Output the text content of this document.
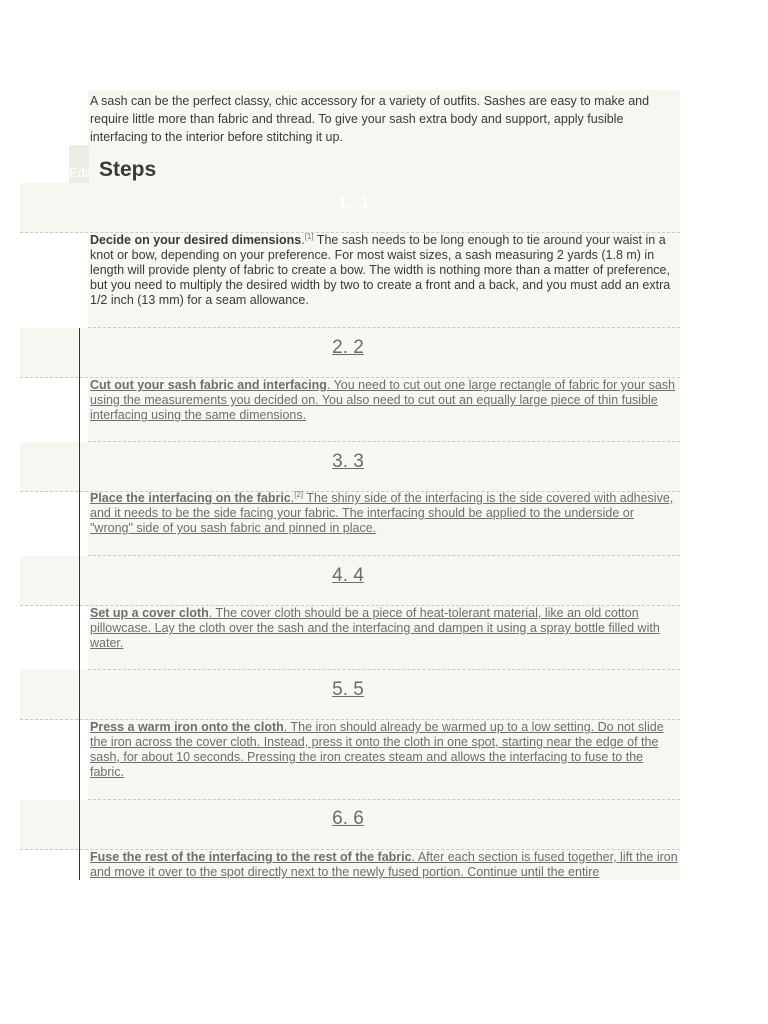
Edit

A sash can be the perfect classy, chic accessory for a variety of outfits. Sashes are easy to make and require little more than fabric and thread. To give your sash extra body and support, apply fusible interfacing to the interior before stitching it up.

Steps
1. 1
Decide on your desired dimensions.[1] The sash needs to be long enough to tie around your waist in a knot or bow, depending on your preference. For most waist sizes, a sash measuring 2 yards (1.8 m) in length will provide plenty of fabric to create a bow. The width is nothing more than a matter of preference, but you need to multiply the desired width by two to create a front and a back, and you must add an extra 1/2 inch (13 mm) for a seam allowance.
2. 2
Cut out your sash fabric and interfacing. You need to cut out one large rectangle of fabric for your sash using the measurements you decided on. You also need to cut out an equally large piece of thin fusible interfacing using the same dimensions.
3. 3
Place the interfacing on the fabric.[2] The shiny side of the interfacing is the side covered with adhesive, and it needs to be the side facing your fabric. The interfacing should be applied to the underside or "wrong" side of you sash fabric and pinned in place.
4. 4
Set up a cover cloth. The cover cloth should be a piece of heat-tolerant material, like an old cotton pillowcase. Lay the cloth over the sash and the interfacing and dampen it using a spray bottle filled with water.
5. 5
Press a warm iron onto the cloth. The iron should already be warmed up to a low setting. Do not slide the iron across the cover cloth. Instead, press it onto the cloth in one spot, starting near the edge of the sash, for about 10 seconds. Pressing the iron creates steam and allows the interfacing to fuse to the fabric.
6. 6
Fuse the rest of the interfacing to the rest of the fabric. After each section is fused together, lift the iron and move it over to the spot directly next to the newly fused portion. Continue until the entire
